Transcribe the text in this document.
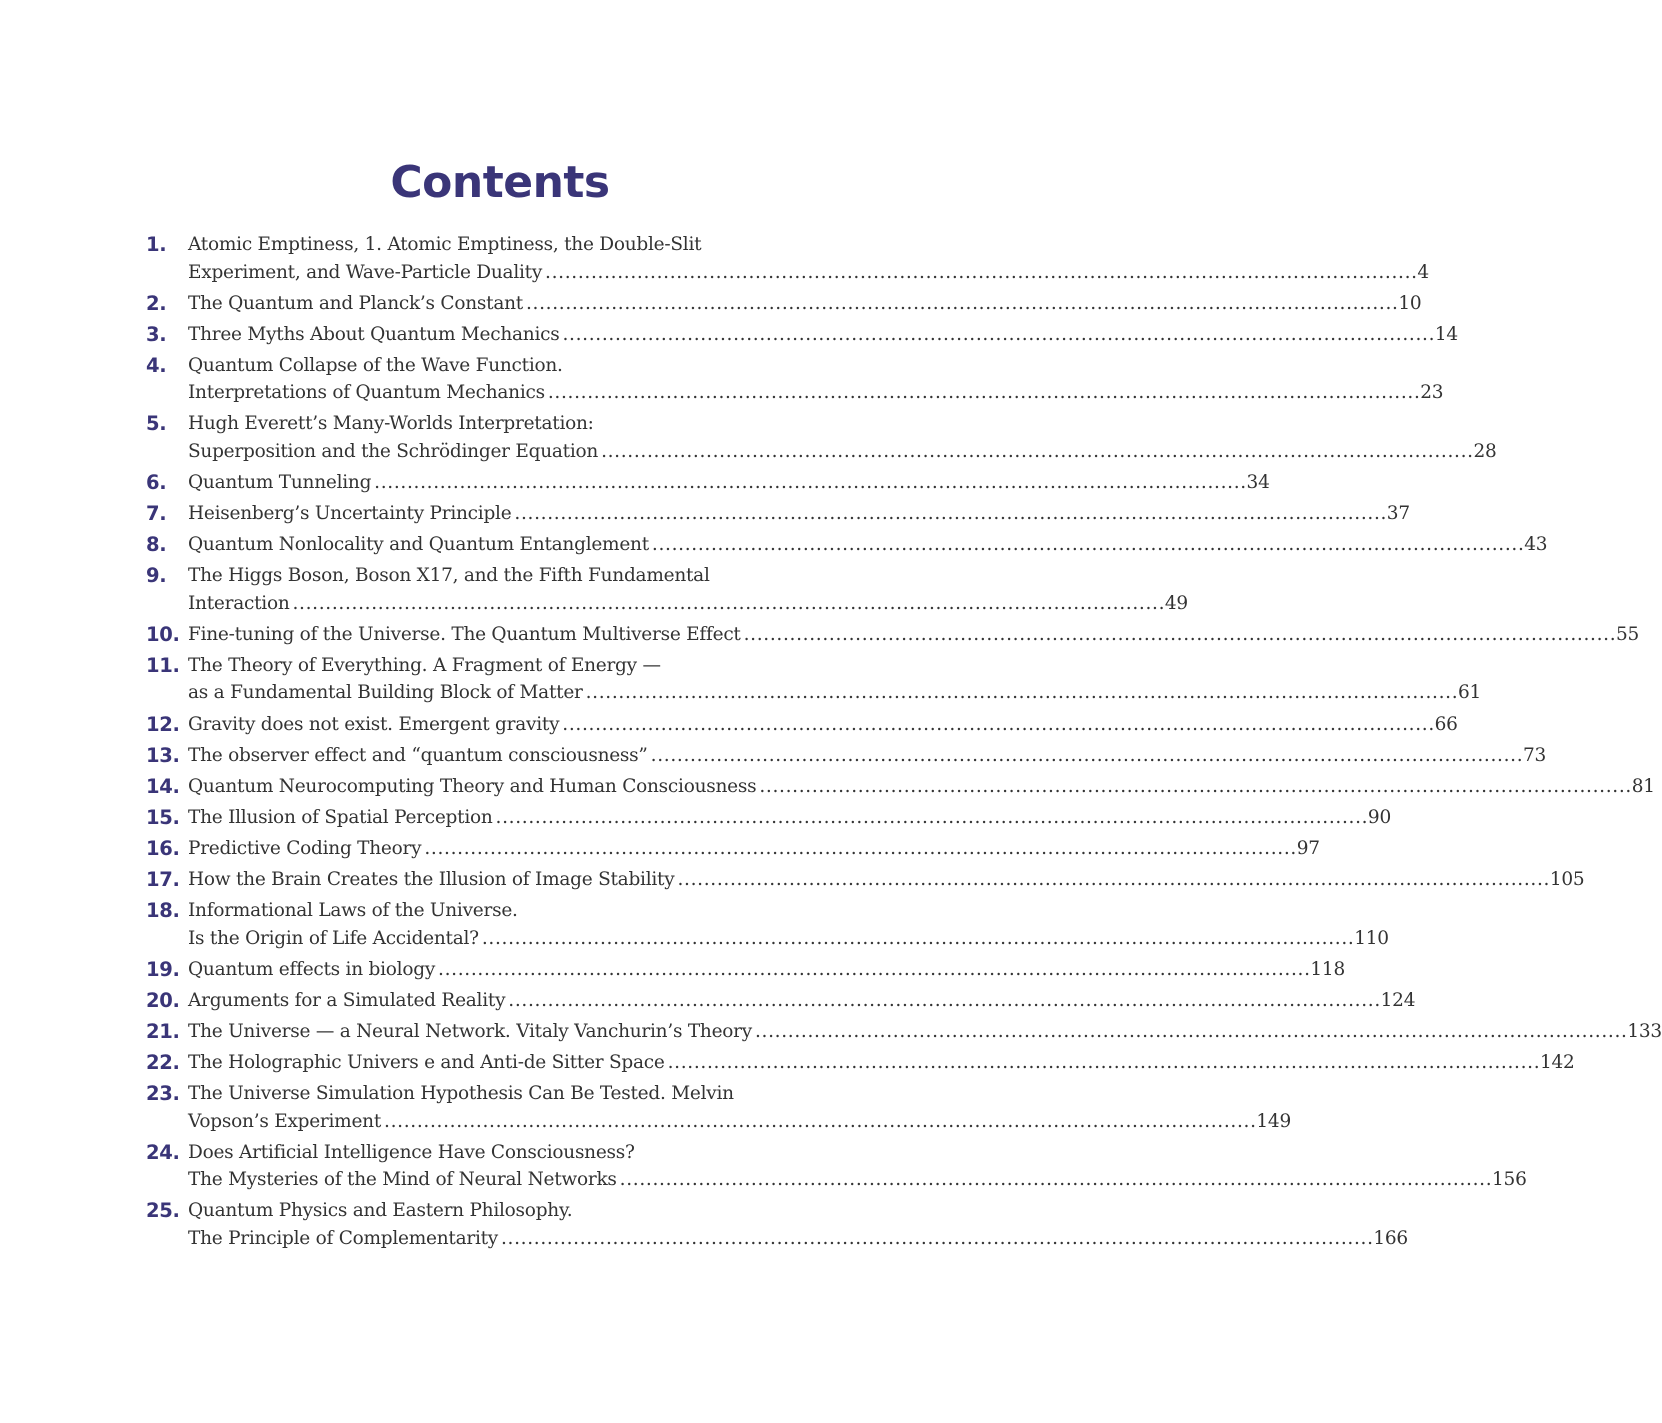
Contents
1.	Atomic Emptiness, 1. Atomic Emptiness, the Double-Slit
Experiment, and Wave-Particle Duality . . .	4
2.	The Quantum and Planck’s Constant . . .	10
3.	Three Myths About Quantum Mechanics . . .	14
4.	Quantum Collapse of the Wave Function.
Interpretations of Quantum Mechanics . . .	23
5.	Hugh Everett’s Many-Worlds Interpretation:
Superposition and the Schrödinger Equation . . .	28
6.	Quantum Tunneling . . .	34
7.	Heisenberg’s Uncertainty Principle . . .	37
8.	Quantum Nonlocality and Quantum Entanglement . . .	43
9.	The Higgs Boson, Boson X17, and the Fifth Fundamental
Interaction . . .	49
10. Fine-tuning of the Universe. The Quantum Multiverse Effect . . .	55
11. The Theory of Everything. A Fragment of Energy —
as a Fundamental Building Block of Matter . . .	61
12. Gravity does not exist. Emergent gravity . . .	66
13. The observer effect and “quantum consciousness” . . .	73
14. Quantum Neurocomputing Theory and Human Consciousness . . .	81
15. The Illusion of Spatial Perception . . .	90
16. Predictive Coding Theory . . .	97
17. How the Brain Creates the Illusion of Image Stability . . .	105
18. Informational Laws of the Universe.
Is the Origin of Life Accidental? . . .	110
19. Quantum effects in biology . . .	118
20. Arguments for a Simulated Reality . . .	124
21. The Universe — a Neural Network. Vitaly Vanchurin’s Theory . . .	133
22. The Holographic Univers e and Anti-de Sitter Space . . .	142
23. The Universe Simulation Hypothesis Can Be Tested. Melvin
Vopson’s Experiment . . .	149
24. Does Artificial Intelligence Have Consciousness?
The Mysteries of the Mind of Neural Networks . . .	156
25. Quantum Physics and Eastern Philosophy.
The Principle of Complementarity . . .	166
